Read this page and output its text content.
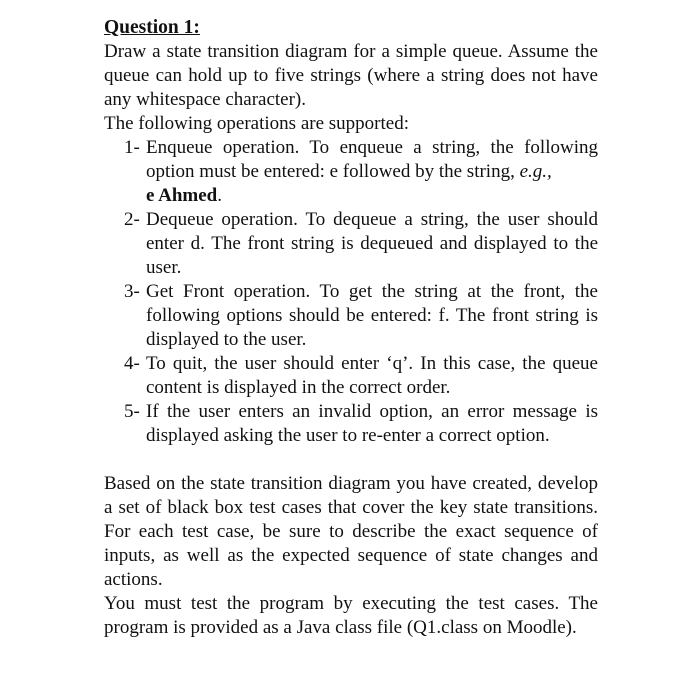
Question 1:

Draw a state transition diagram for a simple queue. Assume the queue can hold up to five strings (where a string does not have any whitespace character).

The following operations are supported:

1- Enqueue operation. To enqueue a string, the following option must be entered: e followed by the string, e.g.,
e Ahmed.
2- Dequeue operation. To dequeue a string, the user should enter d. The front string is dequeued and displayed to the user.
3- Get Front operation. To get the string at the front, the following options should be entered: f. The front string is displayed to the user.
4- To quit, the user should enter ‘q’. In this case, the queue content is displayed in the correct order.
5- If the user enters an invalid option, an error message is displayed asking the user to re-enter a correct option.

Based on the state transition diagram you have created, develop a set of black box test cases that cover the key state transitions. For each test case, be sure to describe the exact sequence of inputs, as well as the expected sequence of state changes and actions.

You must test the program by executing the test cases. The program is provided as a Java class file (Q1.class on Moodle).
